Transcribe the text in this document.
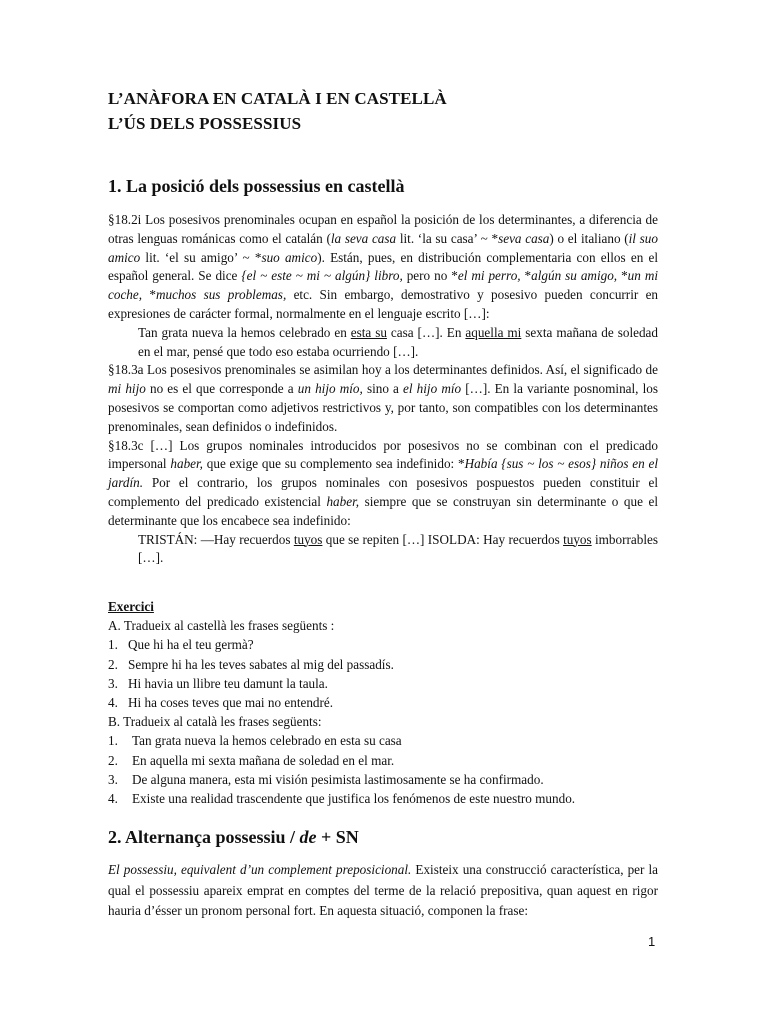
L’ANÀFORA EN CATALÀ I EN CASTELLÀ
L’ÚS DELS POSSESSIUS
1. La posició dels possessius en castellà

§18.2i Los posesivos prenominales ocupan en español la posición de los determinantes, a diferencia de otras lenguas románicas como el catalán (la seva casa lit. ‘la su casa’ ~ *seva casa) o el italiano (il suo amico lit. ‘el su amigo’ ~ *suo amico). Están, pues, en distribución complementaria con ellos en el español general. Se dice {el ~ este ~ mi ~ algún} libro, pero no *el mi perro, *algún su amigo, *un mi coche, *muchos sus problemas, etc. Sin embargo, demostrativo y posesivo pueden concurrir en expresiones de carácter formal, normalmente en el lenguaje escrito […]:

Tan grata nueva la hemos celebrado en esta su casa […]. En aquella mi sexta mañana de soledad en el mar, pensé que todo eso estaba ocurriendo […].

§18.3a Los posesivos prenominales se asimilan hoy a los determinantes definidos. Así, el significado de mi hijo no es el que corresponde a un hijo mío, sino a el hijo mío […]. En la variante posnominal, los posesivos se comportan como adjetivos restrictivos y, por tanto, son compatibles con los determinantes prenominales, sean definidos o indefinidos.

§18.3c […] Los grupos nominales introducidos por posesivos no se combinan con el predicado impersonal haber, que exige que su complemento sea indefinido: *Había {sus ~ los ~ esos} niños en el jardín. Por el contrario, los grupos nominales con posesivos pospuestos pueden constituir el complemento del predicado existencial haber, siempre que se construyan sin determinante o que el determinante que los encabece sea indefinido:

TRISTÁN: —Hay recuerdos tuyos que se repiten […] ISOLDA: Hay recuerdos tuyos imborrables […].

Exercici
A. Tradueix al castellà les frases següents :
1. Que hi ha el teu germà?
2. Sempre hi ha les teves sabates al mig del passadís.
3. Hi havia un llibre teu damunt la taula.
4. Hi ha coses teves que mai no entendré.
B. Tradueix al català les frases següents:
1. Tan grata nueva la hemos celebrado en esta su casa
2. En aquella mi sexta mañana de soledad en el mar.
3. De alguna manera, esta mi visión pesimista lastimosamente se ha confirmado.
4. Existe una realidad trascendente que justifica los fenómenos de este nuestro mundo.
2. Alternança possessiu / de + SN
El possessiu, equivalent d’un complement preposicional. Existeix una construcció característica, per la qual el possessiu apareix emprat en comptes del terme de la relació prepositiva, quan aquest en rigor hauria d’ésser un pronom personal fort. En aquesta situació, componen la frase:
1
